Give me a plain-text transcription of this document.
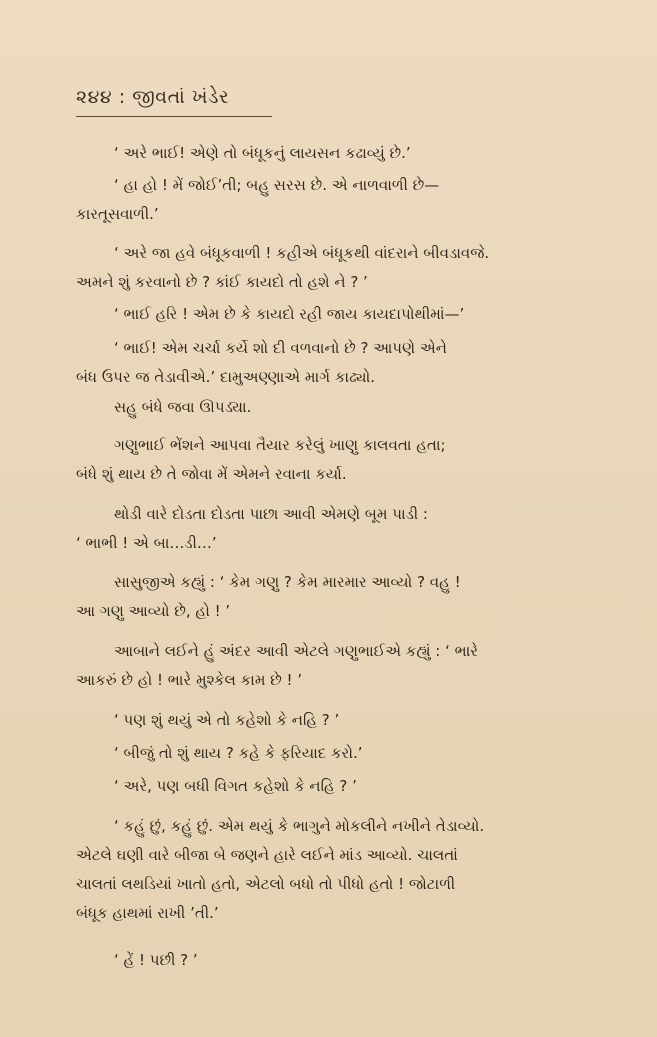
૨૪૪ : જીવતાં ખંડેર
‘ અરે ભાઈ! એણે તો બંધૂકનું લાયસન કઢાવ્યું છે.’
‘ હા હો ! મેં જોઈ’તી; બહુ સરસ છે. એ નાળવાળી છે—
કારતૂસવાળી.’
‘ અરે જા હવે બંધૂકવાળી ! કહીએ બંધૂકથી વાંદરાને બીવડાવજે.
અમને શું કરવાનો છે ? કાંઈ કાયદો તો હશે ને ? ’
‘ ભાઈ હરિ ! એમ છે કે કાયદો રહી જાય કાયદાપોથીમાં—’
‘ ભાઈ! એમ ચર્ચા કર્યે શો દી વળવાનો છે ? આપણે એને
બંધ ઉપર જ તેડાવીએ.’ દામુઅણ્ણાએ માર્ગ કાઢ્યો.
સહુ બંધે જવા ઊપડ્યા.
ગણુભાઈ ભેંશને આપવા તૈયાર કરેલું ખાણુ કાલવતા હતા;
બંધે શું થાય છે તે જોવા મેં એમને રવાના કર્યા.
થોડી વારે દોડતા દોડતા પાછા આવી એમણે બૂમ પાડી :
‘ ભાભી ! એ બા…ડી…’
સાસુજીએ કહ્યું : ‘ કેમ ગણુ ? કેમ મારમાર આવ્યો ? વહુ !
આ ગણુ આવ્યો છે, હો ! ’
આબાને લઈને હું અંદર આવી એટલે ગણુભાઈએ કહ્યું : ‘ ભારે
આકરું છે હો ! ભારે મુશ્કેલ કામ છે ! ’
‘ પણ શું થયું એ તો કહેશો કે નહિ ? ’
‘ બીજું તો શું થાય ? કહે કે ફરિયાદ કરો.’
‘ અરે, પણ બધી વિગત કહેશો કે નહિ ? ’
‘ કહું છું, કહું છું. એમ થયું કે ભાગુને મોકલીને નખીને તેડાવ્યો.
એટલે ઘણી વારે બીજા બે જણને હારે લઈને માંડ આવ્યો. ચાલતાં
ચાલતાં લથડિયાં ખાતો હતો, એટલો બધો તો પીધો હતો ! જોટાળી
બંધૂક હાથમાં રાખી ’તી.’
‘ હેં ! પછી ? ’
